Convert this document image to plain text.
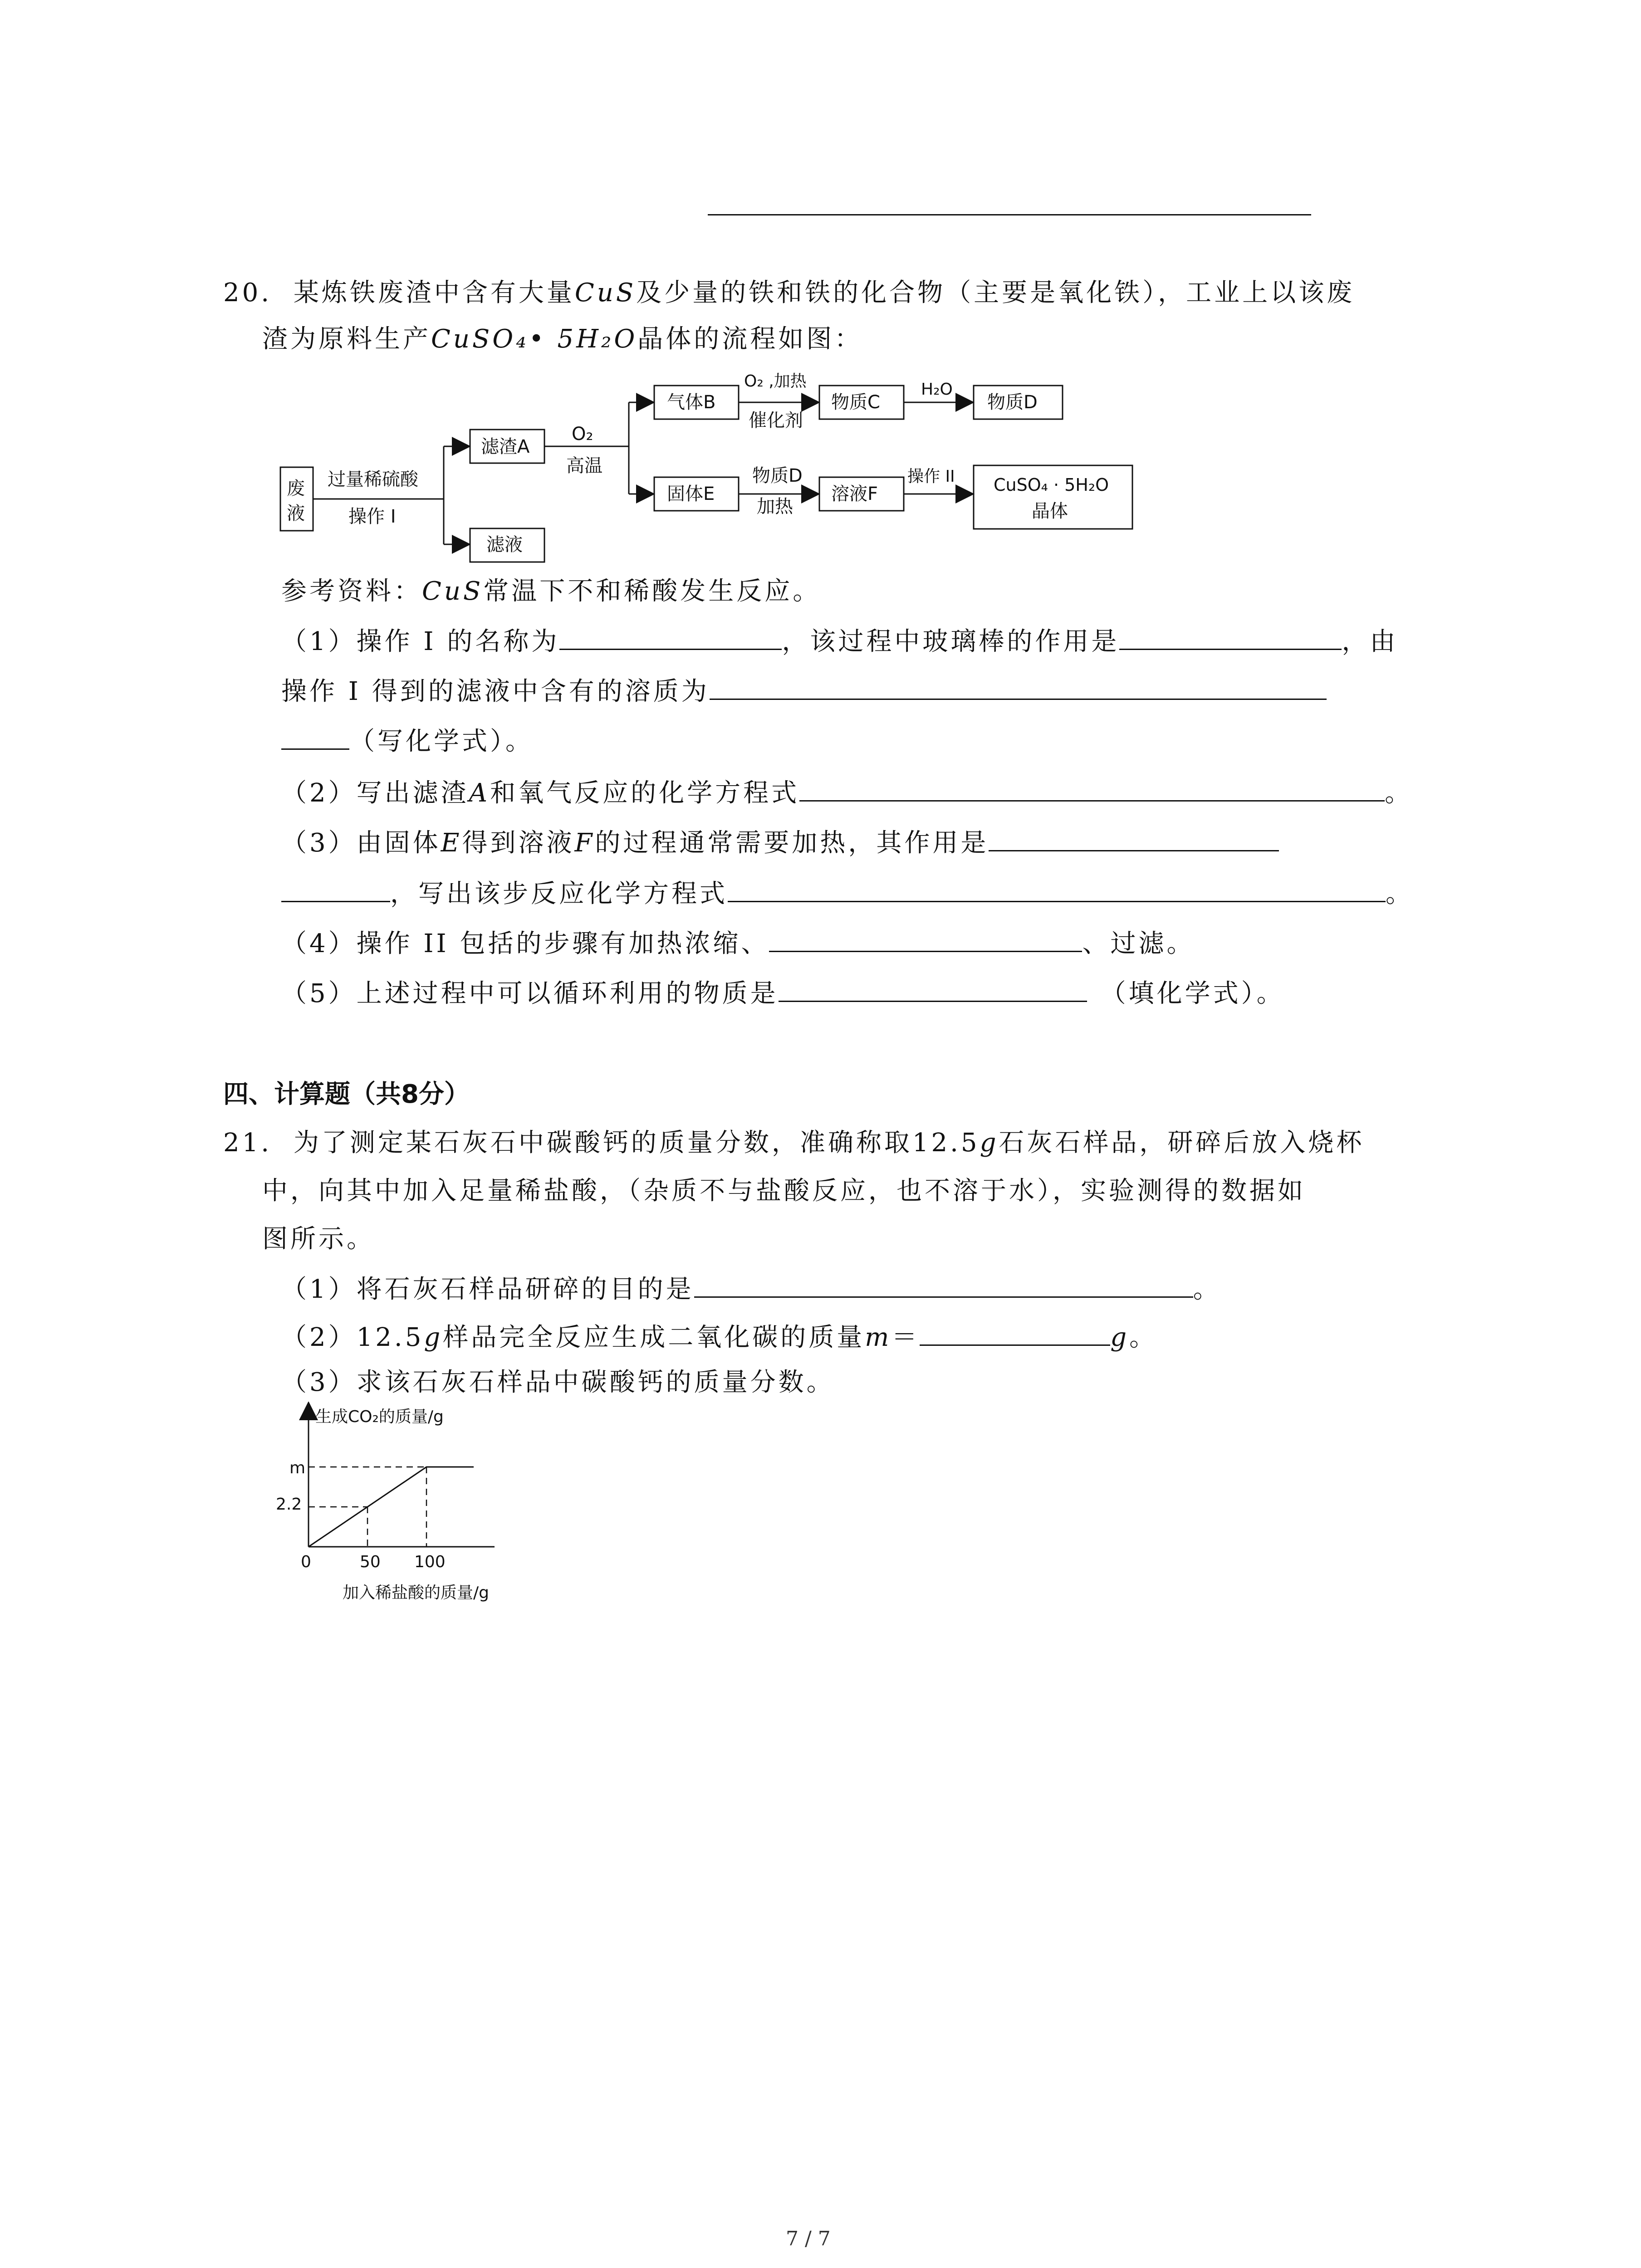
20. 某炼铁废渣中含有大量CuS及少量的铁和铁的化合物（主要是氧化铁），工业上以该废
渣为原料生产CuSO₄• 5H₂O晶体的流程如图：
废
液
过量稀硫酸
操作 I
滤渣A
滤液
O₂
高温
气体B
O₂ ,加热
催化剂
物质C
H₂O
物质D
固体E
物质D
加热
溶液F
操作 II CuSO₄ · 5H₂O
晶体
参考资料：CuS常温下不和稀酸发生反应。
（1）操作 I 的名称为	，该过程中玻璃棒的作用是	，由
操作 I 得到的滤液中含有的溶质为
（写化学式）。
（2）写出滤渣A和氧气反应的化学方程式	。
（3）由固体E得到溶液F的过程通常需要加热，其作用是
，写出该步反应化学方程式	。
（4）操作 II 包括的步骤有加热浓缩、	、过滤。
（5）上述过程中可以循环利用的物质是	（填化学式）。
四、计算题（共8分）
21. 为了测定某石灰石中碳酸钙的质量分数，准确称取12.5g石灰石样品，研碎后放入烧杯
中，向其中加入足量稀盐酸，（杂质不与盐酸反应，也不溶于水），实验测得的数据如
图所示。
（1）将石灰石样品研碎的目的是	。
（2）12.5g样品完全反应生成二氧化碳的质量m＝	g。
（3）求该石灰石样品中碳酸钙的质量分数。
生成CO₂的质量/g
加入稀盐酸的质量/g
0	50 100
2.2
m
7 / 7
